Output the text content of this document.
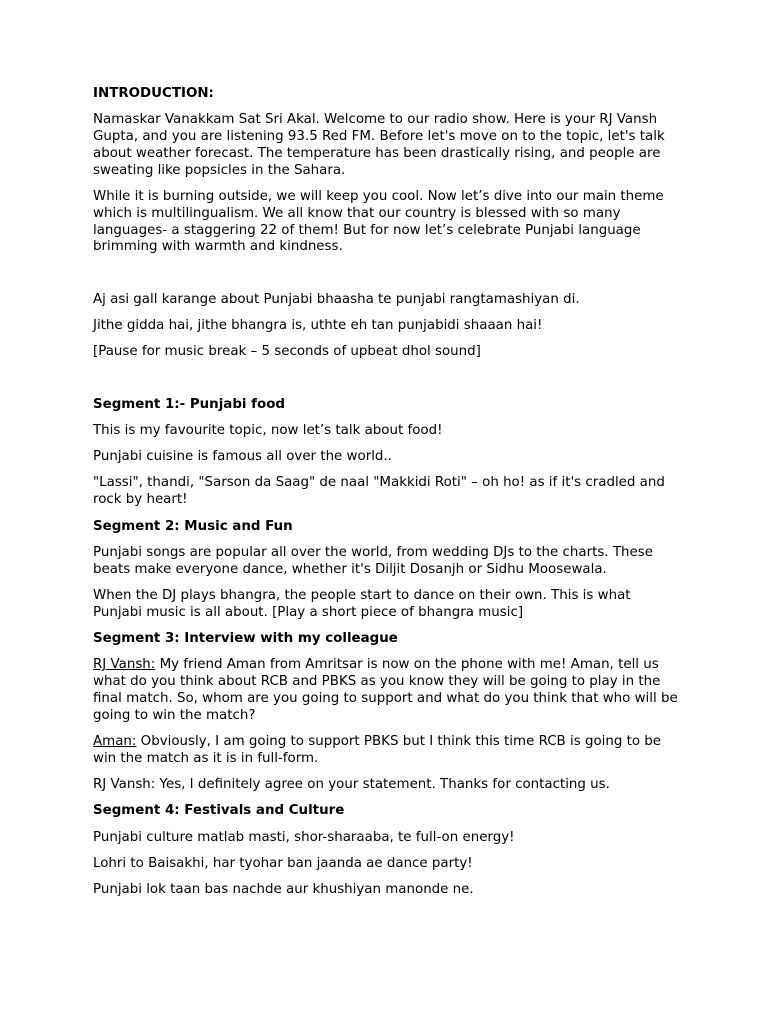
INTRODUCTION:

Namaskar Vanakkam Sat Sri Akal. Welcome to our radio show. Here is your RJ Vansh Gupta, and you are listening 93.5 Red FM. Before let's move on to the topic, let's talk about weather forecast. The temperature has been drastically rising, and people are sweating like popsicles in the Sahara.

While it is burning outside, we will keep you cool. Now let’s dive into our main theme which is multilingualism. We all know that our country is blessed with so many languages- a staggering 22 of them! But for now let’s celebrate Punjabi language brimming with warmth and kindness.

Aj asi gall karange about Punjabi bhaasha te punjabi rangtamashiyan di.

Jithe gidda hai, jithe bhangra is, uthte eh tan punjabidi shaaan hai!

[Pause for music break – 5 seconds of upbeat dhol sound]

Segment 1:- Punjabi food

This is my favourite topic, now let’s talk about food!

Punjabi cuisine is famous all over the world..

"Lassi", thandi, "Sarson da Saag" de naal "Makkidi Roti" – oh ho! as if it's cradled and rock by heart!

Segment 2: Music and Fun

Punjabi songs are popular all over the world, from wedding DJs to the charts. These beats make everyone dance, whether it's Diljit Dosanjh or Sidhu Moosewala.

When the DJ plays bhangra, the people start to dance on their own. This is what Punjabi music is all about. [Play a short piece of bhangra music]

Segment 3: Interview with my colleague

RJ Vansh: My friend Aman from Amritsar is now on the phone with me! Aman, tell us what do you think about RCB and PBKS as you know they will be going to play in the final match. So, whom are you going to support and what do you think that who will be going to win the match?

Aman: Obviously, I am going to support PBKS but I think this time RCB is going to be win the match as it is in full-form.

RJ Vansh: Yes, I definitely agree on your statement. Thanks for contacting us.

Segment 4: Festivals and Culture

Punjabi culture matlab masti, shor-sharaaba, te full-on energy!

Lohri to Baisakhi, har tyohar ban jaanda ae dance party!

Punjabi lok taan bas nachde aur khushiyan manonde ne.
